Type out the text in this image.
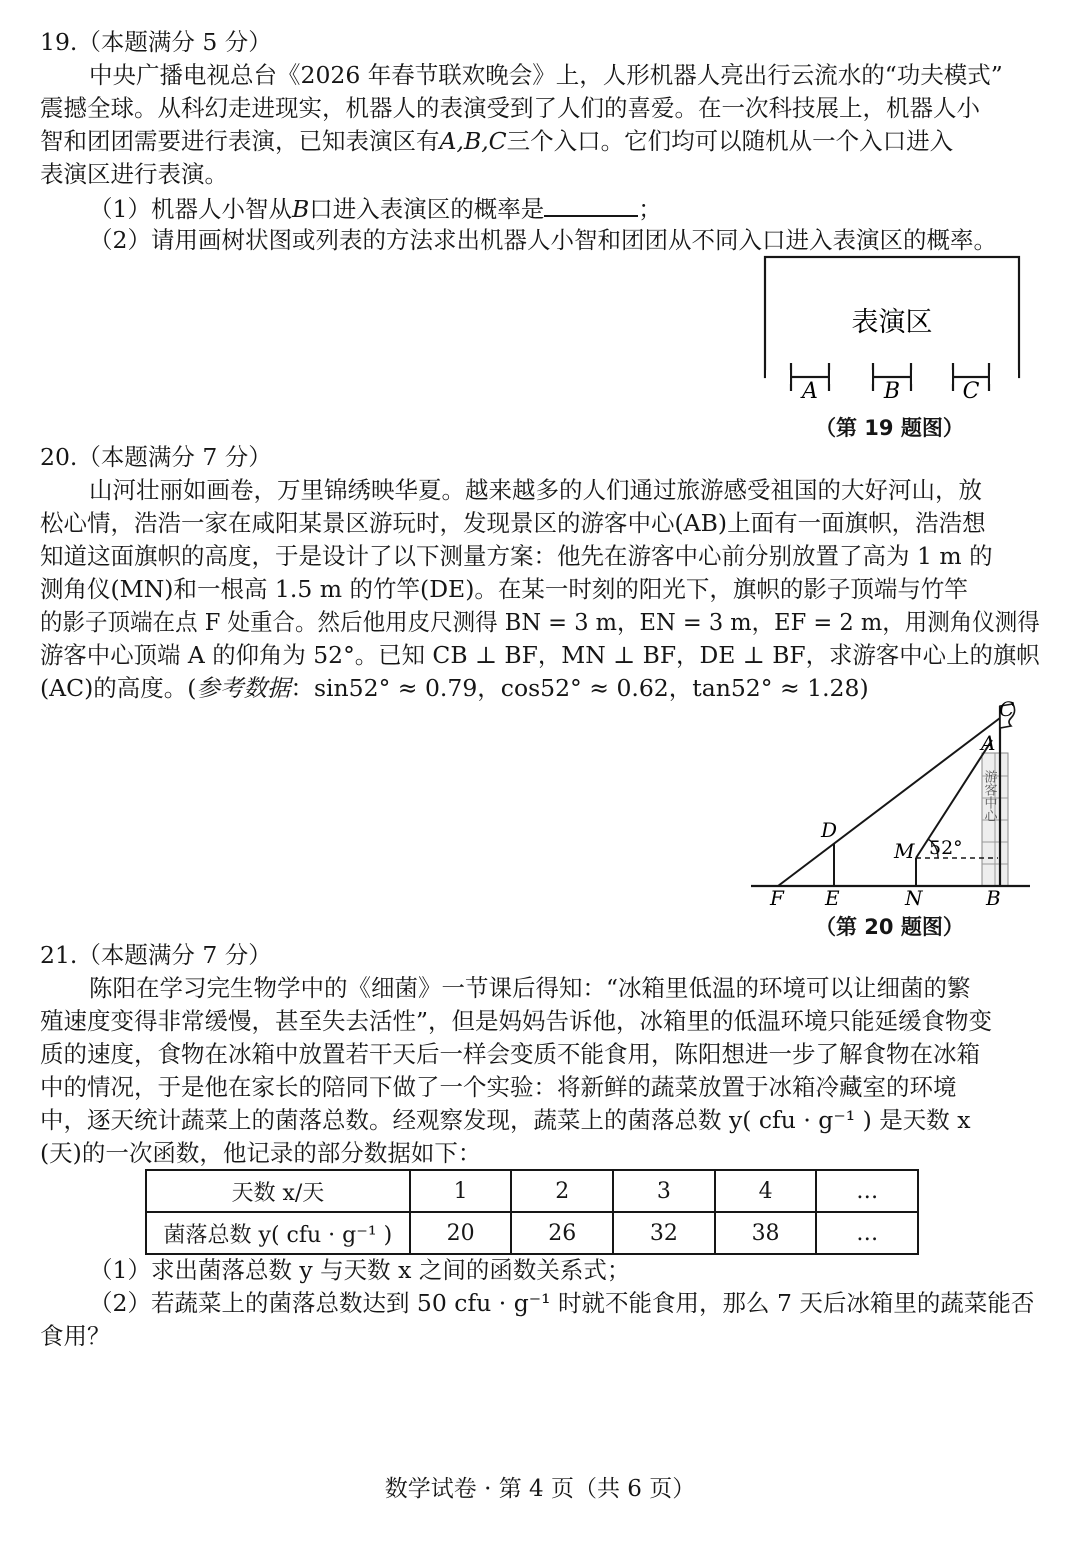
19.（本题满分 5 分）
中央广播电视总台《2026 年春节联欢晚会》上，人形机器人亮出行云流水的“功夫模式”
震撼全球。从科幻走进现实，机器人的表演受到了人们的喜爱。在一次科技展上，机器人小
智和团团需要进行表演，已知表演区有A,B,C三个入口。它们均可以随机从一个入口进入
表演区进行表演。
（1）机器人小智从B口进入表演区的概率是	；
（2）请用画树状图或列表的方法求出机器人小智和团团从不同入口进入表演区的概率。
表演区
A	B	C
（第 19 题图）
20.（本题满分 7 分）
山河壮丽如画卷，万里锦绣映华夏。越来越多的人们通过旅游感受祖国的大好河山，放
松心情，浩浩一家在咸阳某景区游玩时，发现景区的游客中心(AB)上面有一面旗帜，浩浩想
知道这面旗帜的高度，于是设计了以下测量方案：他先在游客中心前分别放置了高为 1 m 的
测角仪(MN)和一根高 1.5 m 的竹竿(DE)。在某一时刻的阳光下，旗帜的影子顶端与竹竿
的影子顶端在点 F 处重合。然后他用皮尺测得 BN = 3 m，EN = 3 m，EF = 2 m，用测角仪测得
游客中心顶端 A 的仰角为 52°。已知 CB ⊥ BF，MN ⊥ BF，DE ⊥ BF，求游客中心上的旗帜
(AC)的高度。(参考数据：sin52° ≈ 0.79，cos52° ≈ 0.62，tan52° ≈ 1.28)
游客中心
C
A
D
M 52°
F E	N	B
（第 20 题图）
21.（本题满分 7 分）
陈阳在学习完生物学中的《细菌》一节课后得知：“冰箱里低温的环境可以让细菌的繁
殖速度变得非常缓慢，甚至失去活性”，但是妈妈告诉他，冰箱里的低温环境只能延缓食物变
质的速度，食物在冰箱中放置若干天后一样会变质不能食用，陈阳想进一步了解食物在冰箱
中的情况，于是他在家长的陪同下做了一个实验：将新鲜的蔬菜放置于冰箱冷藏室的环境
中，逐天统计蔬菜上的菌落总数。经观察发现，蔬菜上的菌落总数 y( cfu · g⁻¹ ) 是天数 x
(天)的一次函数，他记录的部分数据如下：
天数 x/天	1	2	3	4	…
菌落总数 y( cfu · g⁻¹ )	20	26	32	38	…
（1）求出菌落总数 y 与天数 x 之间的函数关系式；
（2）若蔬菜上的菌落总数达到 50 cfu · g⁻¹ 时就不能食用，那么 7 天后冰箱里的蔬菜能否
食用？
数学试卷 · 第 4 页（共 6 页）
